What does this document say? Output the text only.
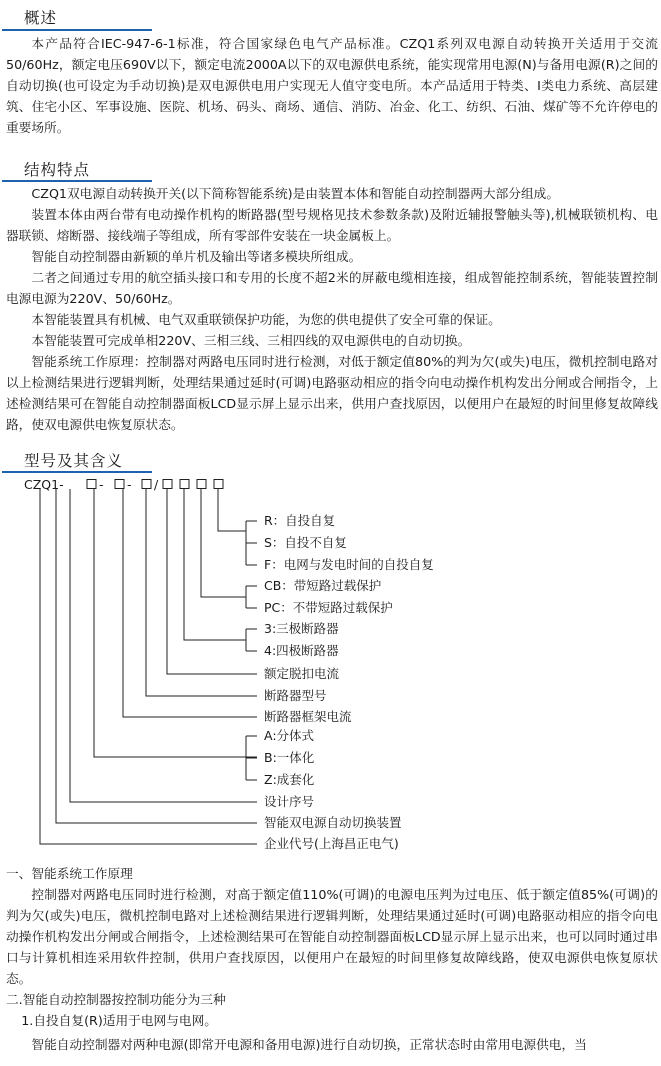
概述

本产品符合IEC-947-6-1标准，符合国家绿色电气产品标准。CZQ1系列双电源自动转换开关适用于交流50/60Hz，额定电压690V以下，额定电流2000A以下的双电源供电系统，能实现常用电源(N)与备用电源(R)之间的自动切换(也可设定为手动切换)是双电源供电用户实现无人值守变电所。本产品适用于特类、Ⅰ类电力系统、高层建筑、住宅小区、军事设施、医院、机场、码头、商场、通信、消防、冶金、化工、纺织、石油、煤矿等不允许停电的重要场所。

结构特点

CZQ1双电源自动转换开关(以下简称智能系统)是由装置本体和智能自动控制器两大部分组成。

装置本体由两台带有电动操作机构的断路器(型号规格见技术参数条款)及附近辅报警触头等),机械联锁机构、电器联锁、熔断器、接线端子等组成，所有零部件安装在一块金属板上。

智能自动控制器由新颖的单片机及输出等诸多模块所组成。

二者之间通过专用的航空插头接口和专用的长度不超2米的屏蔽电缆相连接，组成智能控制系统，智能装置控制电源电源为220V、50/60Hz。

本智能装置具有机械、电气双重联锁保护功能，为您的供电提供了安全可靠的保证。

本智能装置可完成单相220V、三相三线、三相四线的双电源供电的自动切换。

智能系统工作原理：控制器对两路电压同时进行检测，对低于额定值80%的判为欠(或失)电压，微机控制电路对以上检测结果进行逻辑判断，处理结果通过延时(可调)电路驱动相应的指令向电动操作机构发出分闸或合闸指令，上述检测结果可在智能自动控制器面板LCD显示屏上显示出来，供用户查找原因，以便用户在最短的时间里修复故障线路，使双电源供电恢复原状态。

型号及其含义
CZQ1-	- - /
R：自投自复
S：自投不自复
F：电网与发电时间的自投自复
CB：带短路过载保护
PC：不带短路过载保护
3:三极断路器
4:四极断路器
额定脱扣电流
断路器型号
断路器框架电流
A:分体式
B:一体化
Z:成套化
设计序号
智能双电源自动切换装置
企业代号(上海昌正电气)

一、智能系统工作原理

控制器对两路电压同时进行检测，对高于额定值110%(可调)的电源电压判为过电压、低于额定值85%(可调)的判为欠(或失)电压，微机控制电路对上述检测结果进行逻辑判断，处理结果通过延时(可调)电路驱动相应的指令向电动操作机构发出分闸或合闸指令，上述检测结果可在智能自动控制器面板LCD显示屏上显示出来，也可以同时通过串口与计算机相连采用软件控制，供用户查找原因，以便用户在最短的时间里修复故障线路，使双电源供电恢复原状态。

二.智能自动控制器按控制功能分为三种

1.自投自复(R)适用于电网与电网。

智能自动控制器对两种电源(即常开电源和备用电源)进行自动切换，正常状态时由常用电源供电，当
